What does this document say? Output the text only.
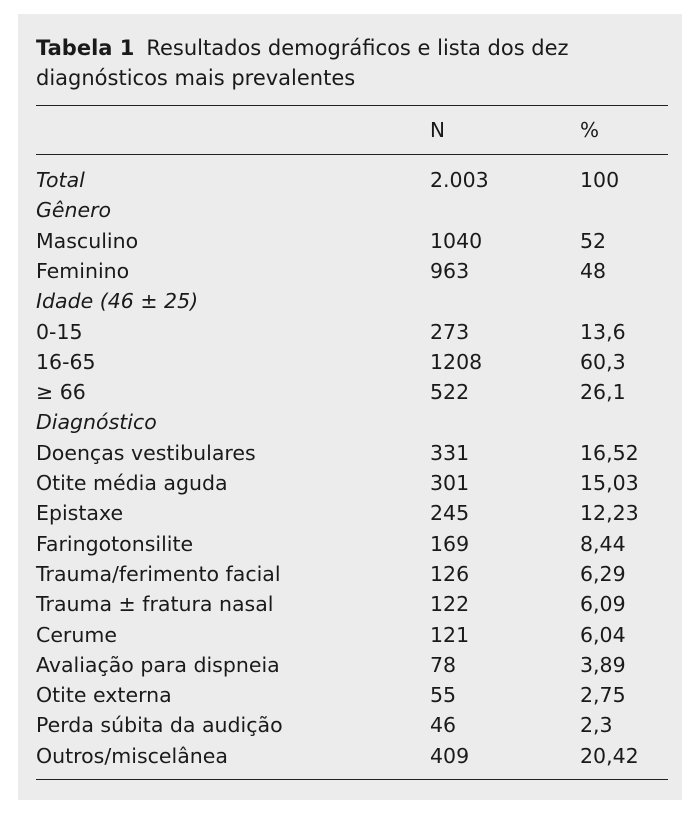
Tabela 1 Resultados demográficos e lista dos dez diagnósticos mais prevalentes
N	%
Total	2.003	100
Gênero
Masculino	1040	52
Feminino	963	48
Idade (46 ± 25)
0-15	273	13,6
16-65	1208	60,3
≥ 66	522	26,1
Diagnóstico
Doenças vestibulares	331	16,52
Otite média aguda	301	15,03
Epistaxe	245	12,23
Faringotonsilite	169	8,44
Trauma/ferimento facial	126	6,29
Trauma ± fratura nasal	122	6,09
Cerume	121	6,04
Avaliação para dispneia	78	3,89
Otite externa	55	2,75
Perda súbita da audição	46	2,3
Outros/miscelânea	409	20,42
